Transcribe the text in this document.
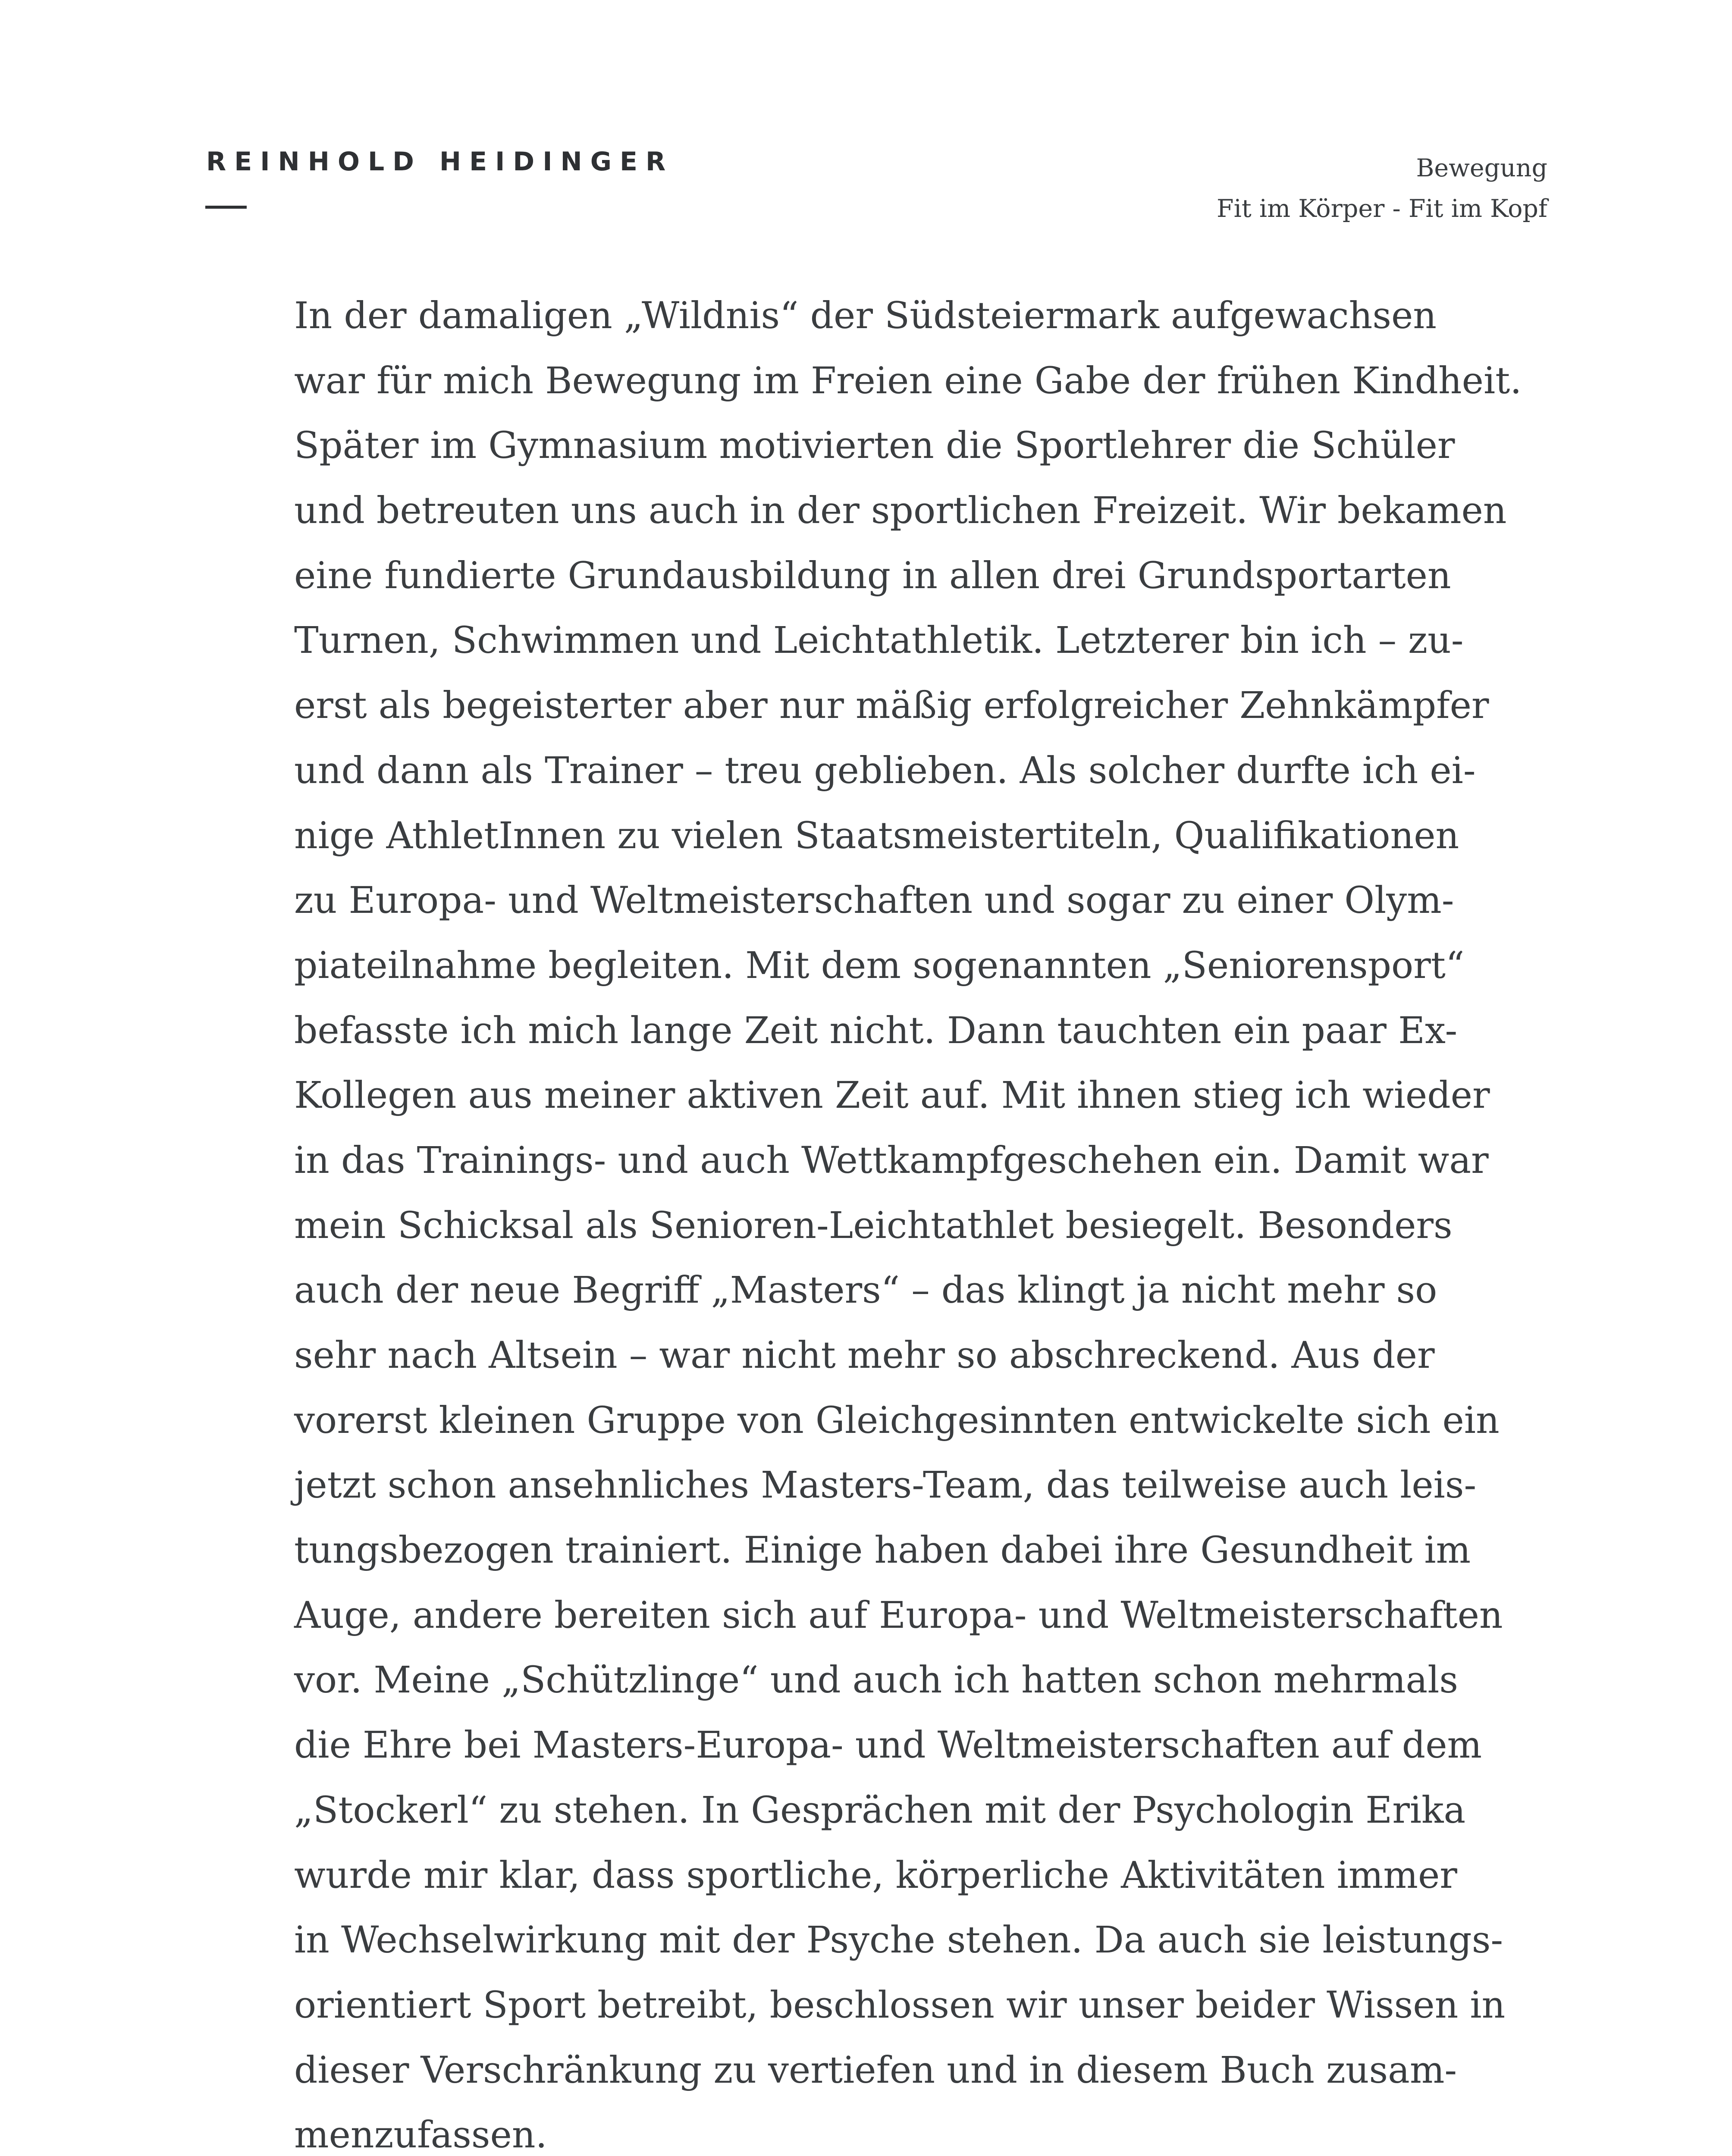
REINHOLD HEIDINGER	Bewegung
Fit im Körper - Fit im Kopf

In der damaligen „Wildnis“ der Südsteiermark aufgewachsen
war für mich Bewegung im Freien eine Gabe der frühen Kindheit.
Später im Gymnasium motivierten die Sportlehrer die Schüler
und betreuten uns auch in der sportlichen Freizeit. Wir bekamen
eine fundierte Grundausbildung in allen drei Grundsportarten
Turnen, Schwimmen und Leichtathletik. Letzterer bin ich – zu-
erst als begeisterter aber nur mäßig erfolgreicher Zehnkämpfer
und dann als Trainer – treu geblieben. Als solcher durfte ich ei-
nige AthletInnen zu vielen Staatsmeistertiteln, Qualifikationen
zu Europa- und Weltmeisterschaften und sogar zu einer Olym-
piateilnahme begleiten. Mit dem sogenannten „Seniorensport“
befasste ich mich lange Zeit nicht. Dann tauchten ein paar Ex-
Kollegen aus meiner aktiven Zeit auf. Mit ihnen stieg ich wieder
in das Trainings- und auch Wettkampfgeschehen ein. Damit war
mein Schicksal als Senioren-Leichtathlet besiegelt. Besonders
auch der neue Begriff „Masters“ – das klingt ja nicht mehr so
sehr nach Altsein – war nicht mehr so abschreckend. Aus der
vorerst kleinen Gruppe von Gleichgesinnten entwickelte sich ein
jetzt schon ansehnliches Masters-Team, das teilweise auch leis-
tungsbezogen trainiert. Einige haben dabei ihre Gesundheit im
Auge, andere bereiten sich auf Europa- und Weltmeisterschaften
vor. Meine „Schützlinge“ und auch ich hatten schon mehrmals
die Ehre bei Masters-Europa- und Weltmeisterschaften auf dem
„Stockerl“ zu stehen. In Gesprächen mit der Psychologin Erika
wurde mir klar, dass sportliche, körperliche Aktivitäten immer
in Wechselwirkung mit der Psyche stehen. Da auch sie leistungs-
orientiert Sport betreibt, beschlossen wir unser beider Wissen in
dieser Verschränkung zu vertiefen und in diesem Buch zusam-
menzufassen.
